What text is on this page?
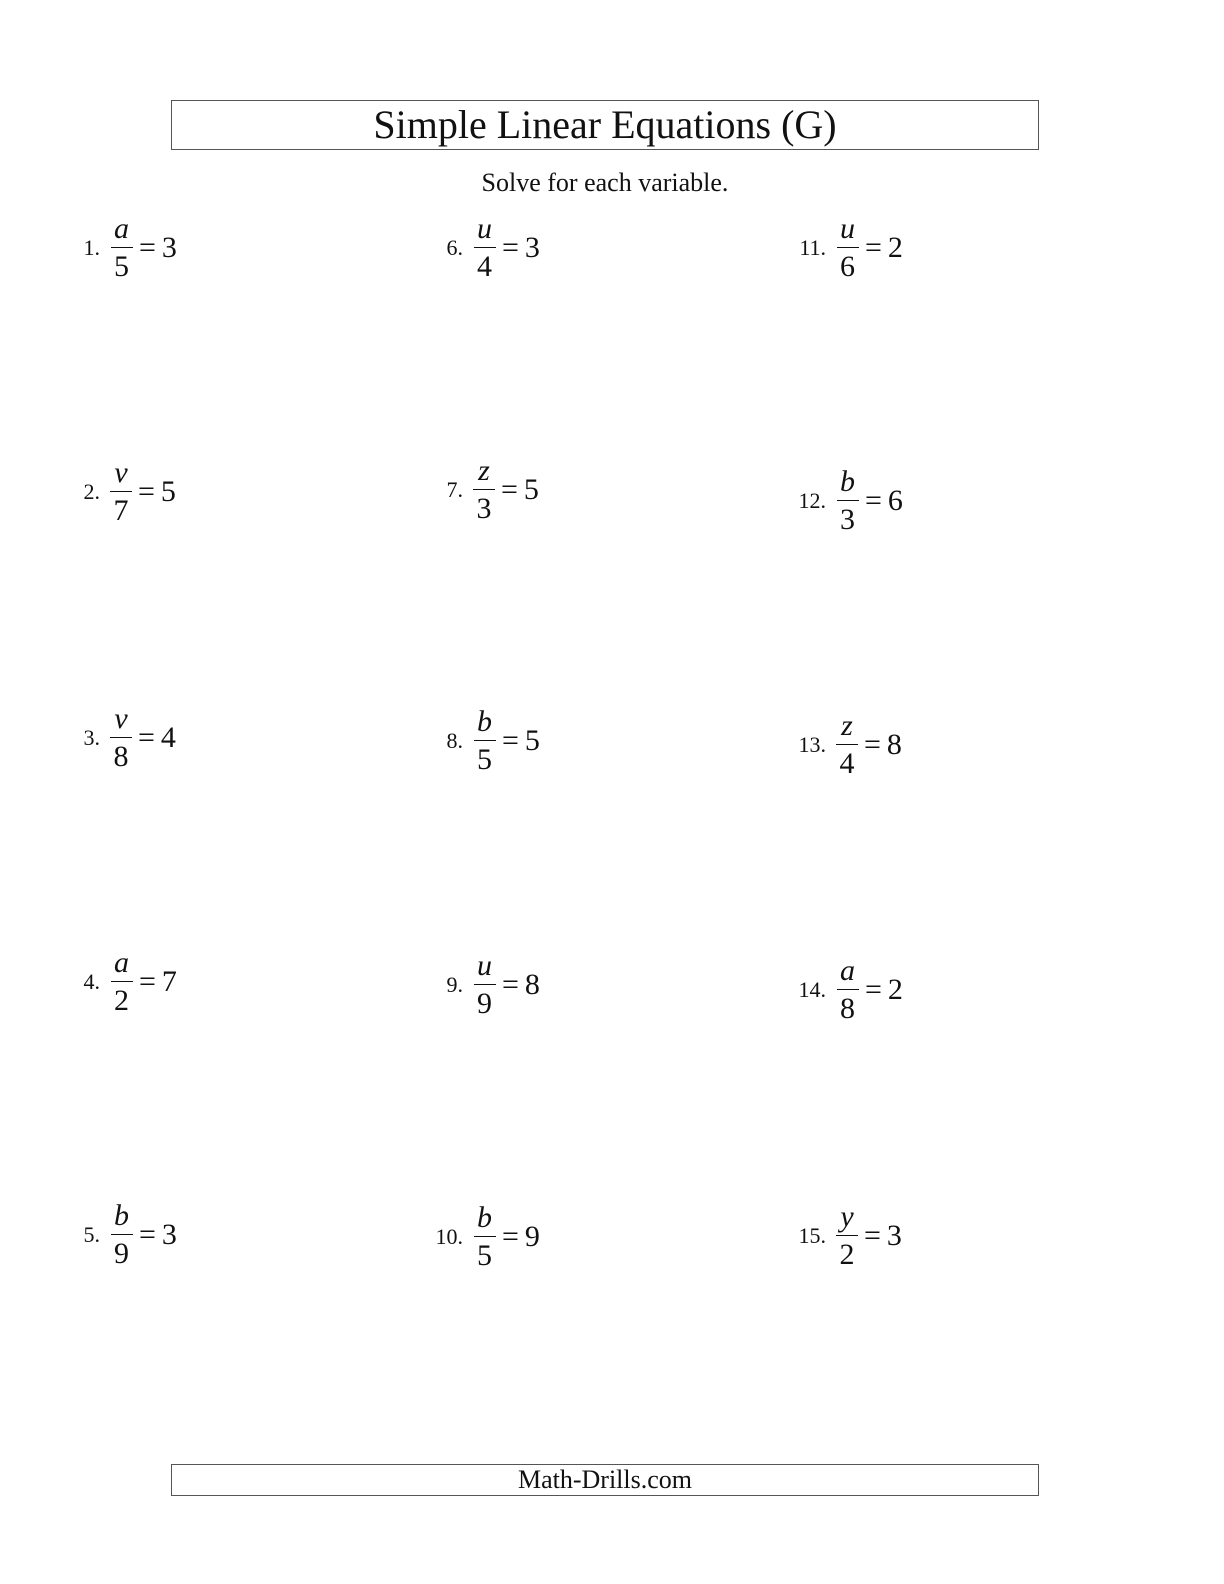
Simple Linear Equations (G)
Solve for each variable.
1. $\frac{a}{5} = 3$
2. $\frac{v}{7} = 5$
3. $\frac{v}{8} = 4$
4. $\frac{a}{2} = 7$
5. $\frac{b}{9} = 3$
6. $\frac{u}{4} = 3$
7. $\frac{z}{3} = 5$
8. $\frac{b}{5} = 5$
9. $\frac{u}{9} = 8$
10. $\frac{b}{5} = 9$
11. $\frac{u}{6} = 2$
12. $\frac{b}{3} = 6$
13. $\frac{z}{4} = 8$
14. $\frac{a}{8} = 2$
15. $\frac{y}{2} = 3$
Math-Drills.com
